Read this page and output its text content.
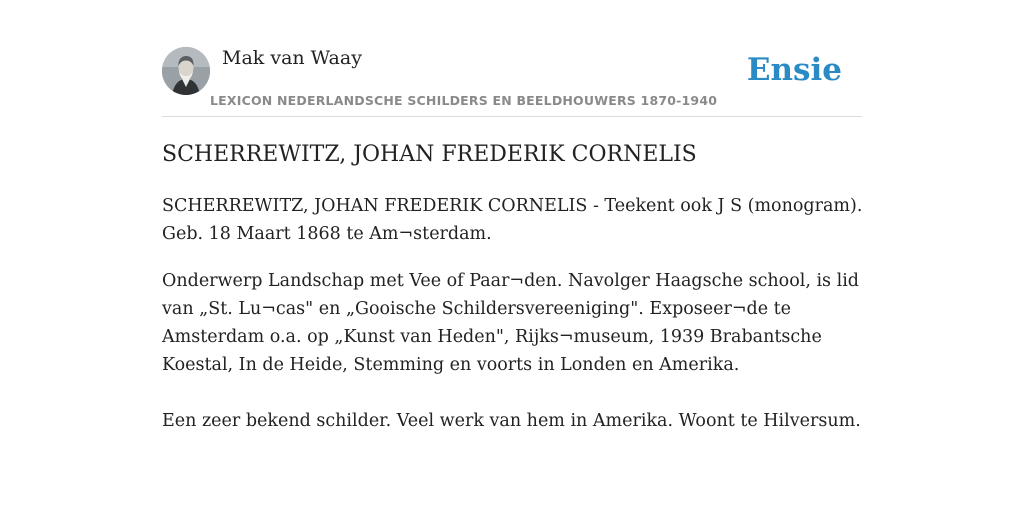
Mak van Waay
LEXICON NEDERLANDSCHE SCHILDERS EN BEELDHOUWERS 1870-1940
Ensie
SCHERREWITZ, JOHAN FREDERIK CORNELIS

SCHERREWITZ, JOHAN FREDERIK CORNELIS - Teekent ook J S (monogram). Geb. 18 Maart 1868 te Am¬sterdam.

Onderwerp Landschap met Vee of Paar¬den. Navolger Haagsche school, is lid van „St. Lu¬cas" en „Gooische Schildersvereeniging". Exposeer¬de te Amsterdam o.a. op „Kunst van Heden", Rijks¬museum, 1939 Brabantsche Koestal, In de Heide, Stemming en voorts in Londen en Amerika.

Een zeer bekend schilder. Veel werk van hem in Amerika. Woont te Hilversum.
